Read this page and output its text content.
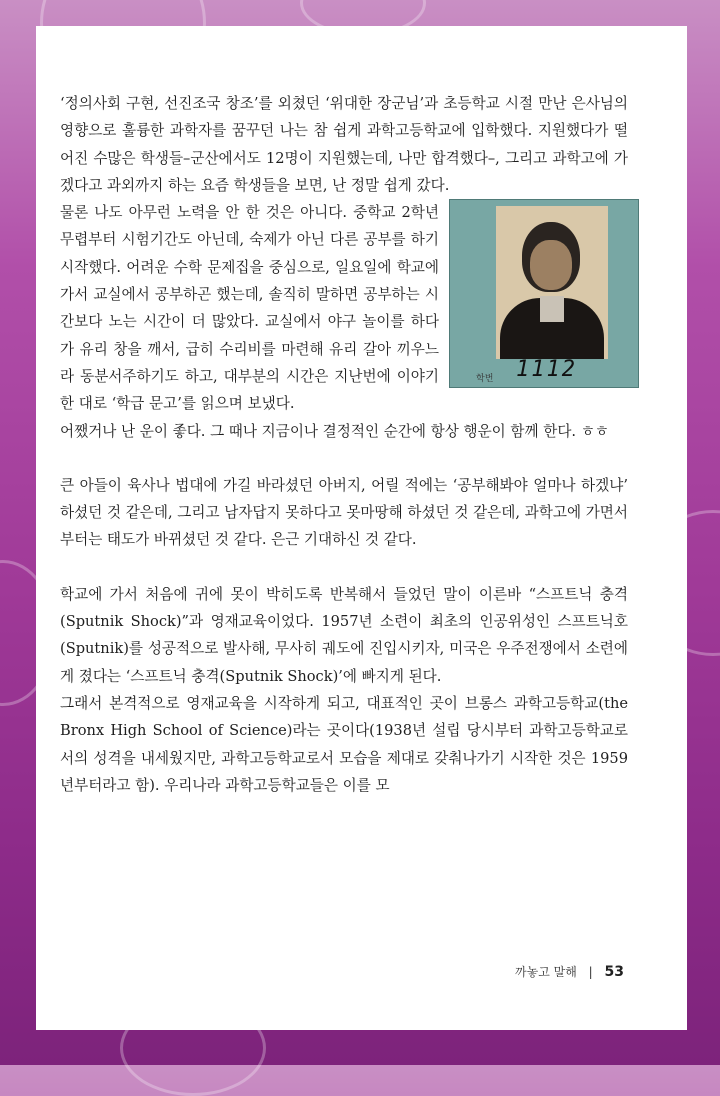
‘정의사회 구현, 선진조국 창조’를 외쳤던 ‘위대한 장군님’과 초등학교 시절 만난 은사님의 영향으로 훌륭한 과학자를 꿈꾸던 나는 참 쉽게 과학고등학교에 입학했다. 지원했다가 떨어진 수많은 학생들–군산에서도 12명이 지원했는데, 나만 합격했다–, 그리고 과학고에 가겠다고 과외까지 하는 요즘 학생들을 보면, 난 정말 쉽게 갔다.

학번 1112

물론 나도 아무런 노력을 안 한 것은 아니다. 중학교 2학년 무렵부터 시험기간도 아닌데, 숙제가 아닌 다른 공부를 하기 시작했다. 어려운 수학 문제집을 중심으로, 일요일에 학교에 가서 교실에서 공부하곤 했는데, 솔직히 말하면 공부하는 시간보다 노는 시간이 더 많았다. 교실에서 야구 놀이를 하다가 유리 창을 깨서, 급히 수리비를 마련해 유리 갈아 끼우느라 동분서주하기도 하고, 대부분의 시간은 지난번에 이야기한 대로 ‘학급 문고’를 읽으며 보냈다.

어쨌거나 난 운이 좋다. 그 때나 지금이나 결정적인 순간에 항상 행운이 함께 한다. ㅎㅎ

큰 아들이 육사나 법대에 가길 바라셨던 아버지, 어릴 적에는 ‘공부해봐야 얼마나 하겠냐’ 하셨던 것 같은데, 그리고 남자답지 못하다고 못마땅해 하셨던 것 같은데, 과학고에 가면서부터는 태도가 바뀌셨던 것 같다. 은근 기대하신 것 같다.

학교에 가서 처음에 귀에 못이 박히도록 반복해서 들었던 말이 이른바 “스프트닉 충격(Sputnik Shock)”과 영재교육이었다. 1957년 소련이 최초의 인공위성인 스프트닉호(Sputnik)를 성공적으로 발사해, 무사히 궤도에 진입시키자, 미국은 우주전쟁에서 소련에게 졌다는 ‘스프트닉 충격(Sputnik Shock)’에 빠지게 된다.

그래서 본격적으로 영재교육을 시작하게 되고, 대표적인 곳이 브롱스 과학고등학교(the Bronx High School of Science)라는 곳이다(1938년 설립 당시부터 과학고등학교로서의 성격을 내세웠지만, 과학고등학교로서 모습을 제대로 갖춰나가기 시작한 것은 1959년부터라고 함). 우리나라 과학고등학교들은 이를 모

까놓고 말해 | 53
